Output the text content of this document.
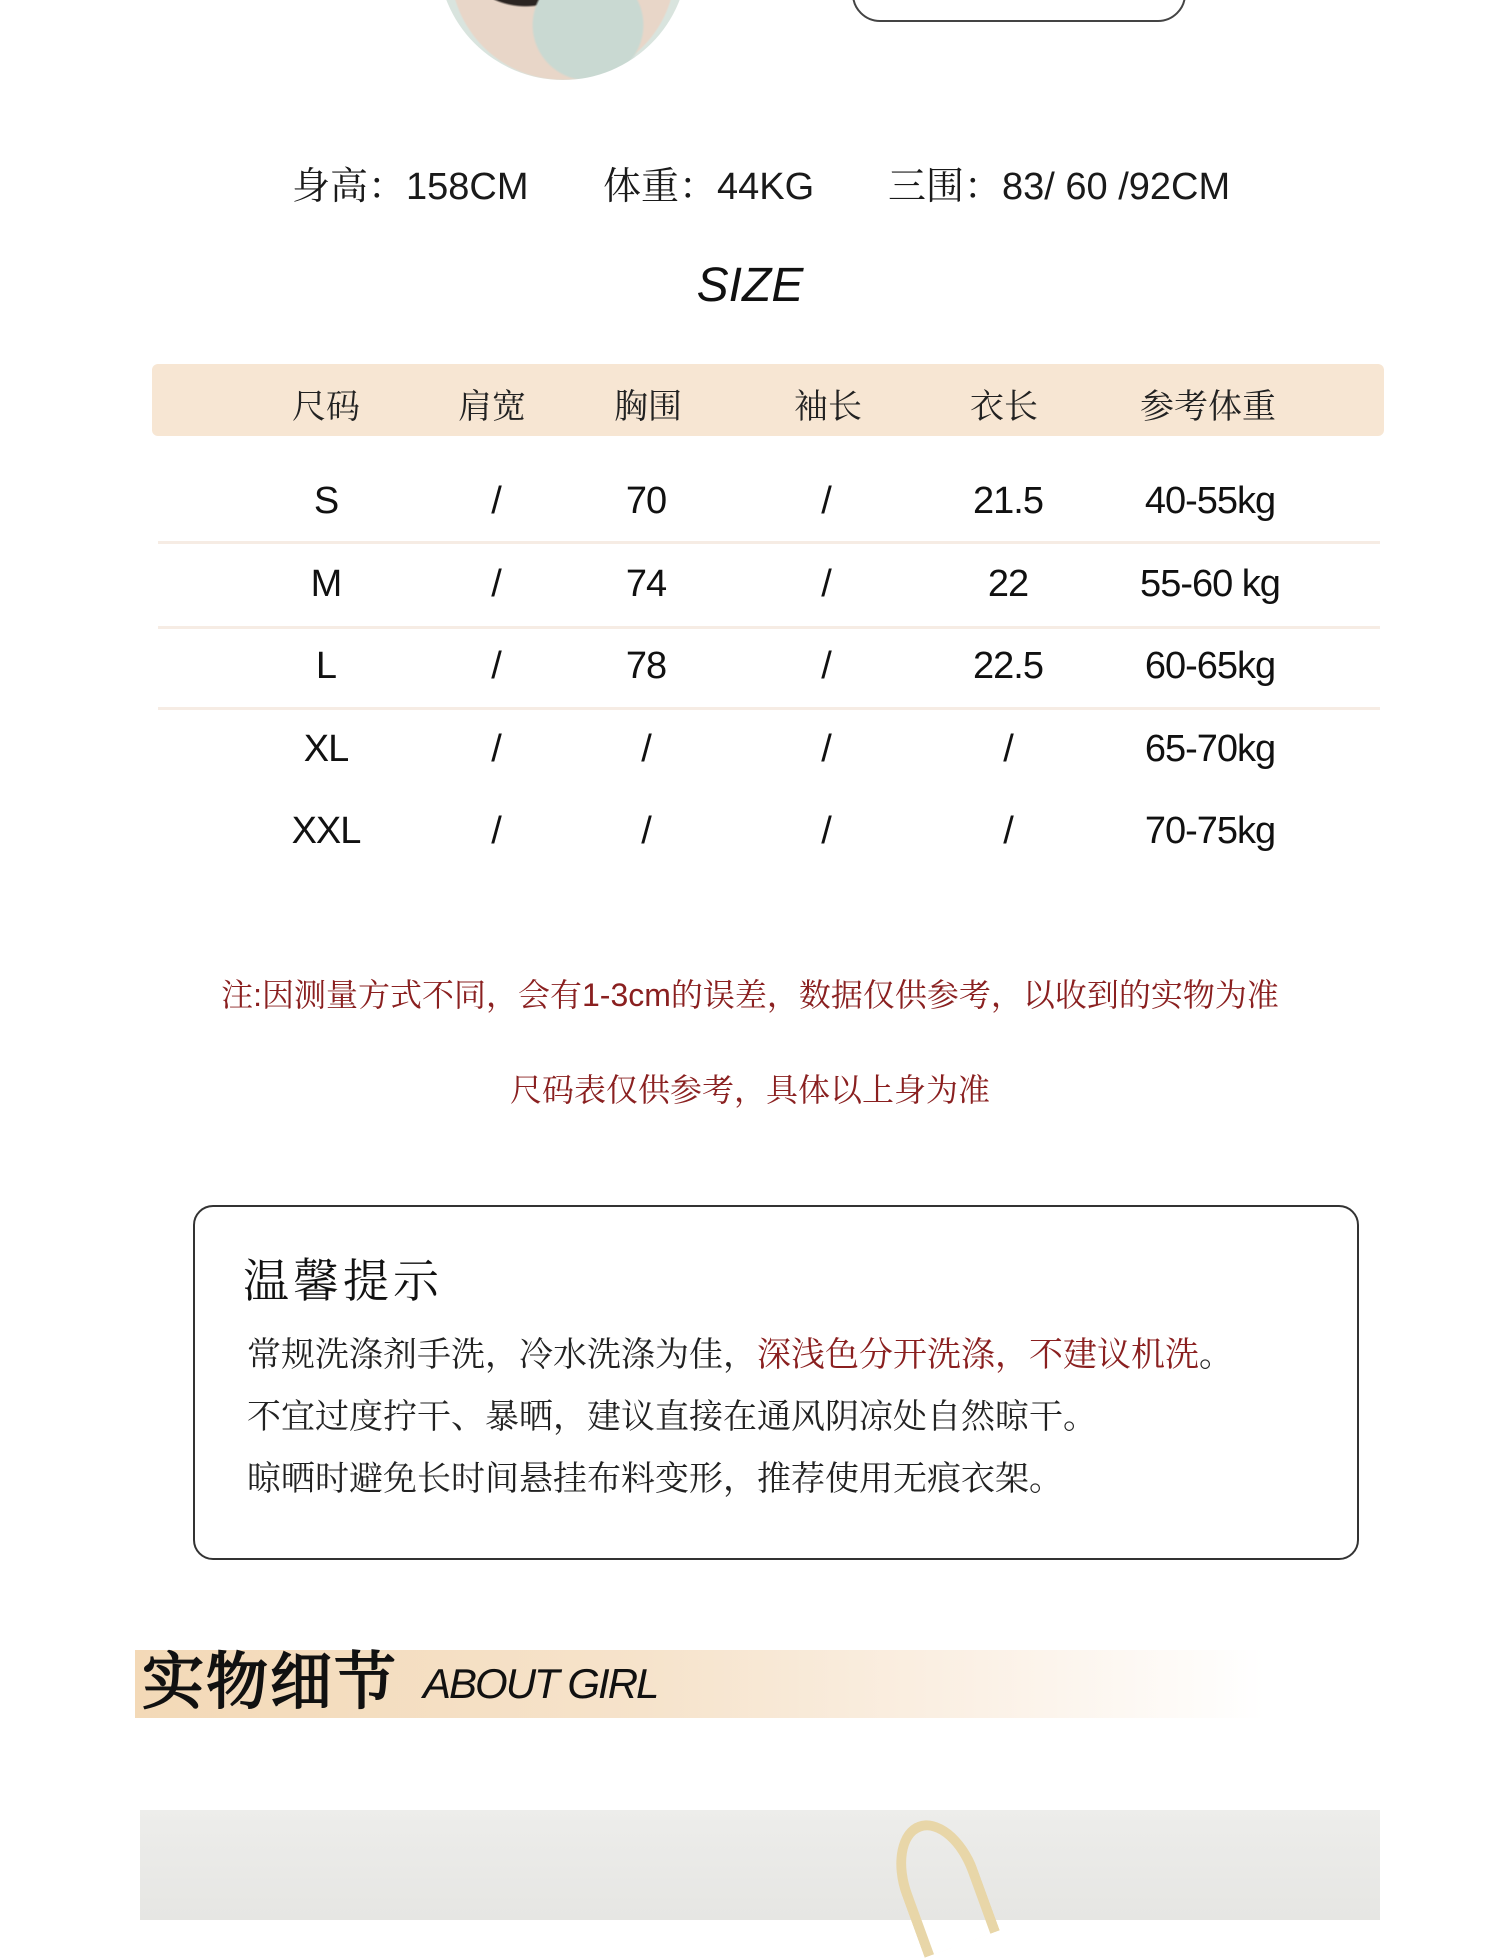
身高：158CM 体重：44KG 三围：83/ 60 /92CM
SIZE
尺码	肩宽	胸围	袖长	衣长	参考体重
S	/	70	/	21.5	40-55kg
M	/	74	/	22	55-60 kg
L	/	78	/	22.5	60-65kg
XL	/	/	/	/	65-70kg
XXL	/	/	/	/	70-75kg
注:因测量方式不同，会有1-3cm的误差，数据仅供参考，以收到的实物为准
尺码表仅供参考，具体以上身为准
温馨提示
常规洗涤剂手洗，冷水洗涤为佳，深浅色分开洗涤，不建议机洗。
不宜过度拧干、暴晒，建议直接在通风阴凉处自然晾干。
晾晒时避免长时间悬挂布料变形，推荐使用无痕衣架。
实物细节 ABOUT GIRL
